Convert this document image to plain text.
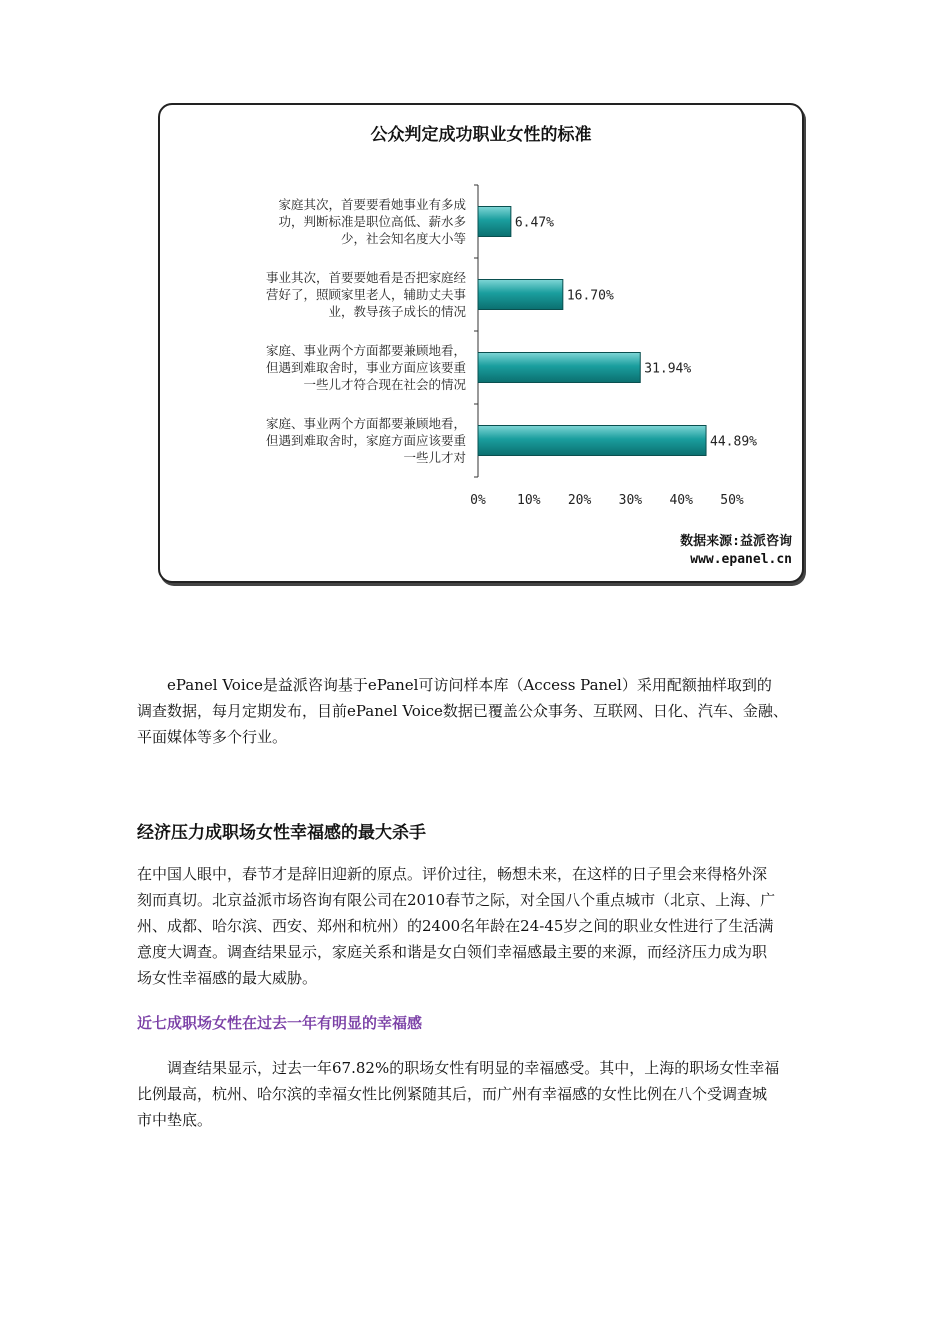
公众判定成功职业女性的标准
6.47%
16.70%
31.94%
44.89%
0% 10% 20% 30% 40% 50%
家庭其次，首要要看她事业有多成
功，判断标准是职位高低、薪水多
少，社会知名度大小等
事业其次，首要要她看是否把家庭经
营好了，照顾家里老人，辅助丈夫事
业，教导孩子成长的情况
家庭、事业两个方面都要兼顾地看，
但遇到难取舍时，事业方面应该要重
一些儿才符合现在社会的情况
家庭、事业两个方面都要兼顾地看，
但遇到难取舍时，家庭方面应该要重
一些儿才对
数据来源:益派咨询
www.epanel.cn
　　ePanel Voice是益派咨询基于ePanel可访问样本库（Access Panel）采用配额抽样取到的
调查数据，每月定期发布，目前ePanel Voice数据已覆盖公众事务、互联网、日化、汽车、金融、
平面媒体等多个行业。
经济压力成职场女性幸福感的最大杀手
在中国人眼中，春节才是辞旧迎新的原点。评价过往，畅想未来，在这样的日子里会来得格外深
刻而真切。北京益派市场咨询有限公司在2010春节之际，对全国八个重点城市（北京、上海、广
州、成都、哈尔滨、西安、郑州和杭州）的2400名年龄在24-45岁之间的职业女性进行了生活满
意度大调查。调查结果显示，家庭关系和谐是女白领们幸福感最主要的来源，而经济压力成为职
场女性幸福感的最大威胁。
近七成职场女性在过去一年有明显的幸福感
　　调查结果显示，过去一年67.82%的职场女性有明显的幸福感受。其中，上海的职场女性幸福
比例最高，杭州、哈尔滨的幸福女性比例紧随其后，而广州有幸福感的女性比例在八个受调查城
市中垫底。
